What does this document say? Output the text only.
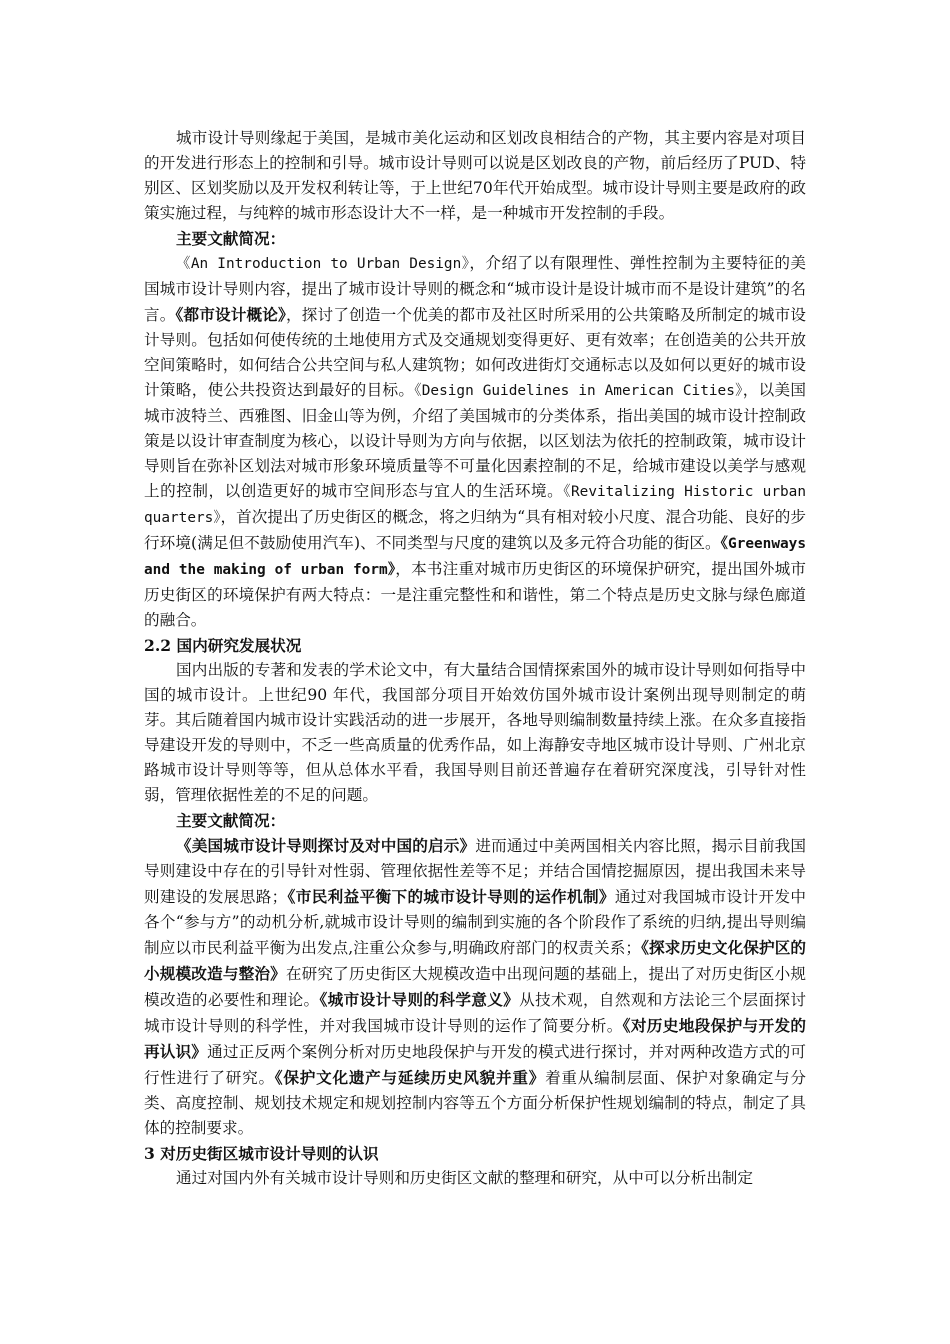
城市设计导则缘起于美国，是城市美化运动和区划改良相结合的产物，其主要内容是对项目的开发进行形态上的控制和引导。城市设计导则可以说是区划改良的产物，前后经历了PUD、特别区、区划奖励以及开发权利转让等，于上世纪70年代开始成型。城市设计导则主要是政府的政策实施过程，与纯粹的城市形态设计大不一样，是一种城市开发控制的手段。

主要文献简况：

《An Introduction to Urban Design》，介绍了以有限理性、弹性控制为主要特征的美国城市设计导则内容，提出了城市设计导则的概念和“城市设计是设计城市而不是设计建筑”的名言。《都市设计概论》，探讨了创造一个优美的都市及社区时所采用的公共策略及所制定的城市设计导则。包括如何使传统的土地使用方式及交通规划变得更好、更有效率；在创造美的公共开放空间策略时，如何结合公共空间与私人建筑物；如何改进街灯交通标志以及如何以更好的城市设计策略，使公共投资达到最好的目标。《Design Guidelines in American Cities》，以美国城市波特兰、西雅图、旧金山等为例，介绍了美国城市的分类体系，指出美国的城市设计控制政策是以设计审查制度为核心，以设计导则为方向与依据，以区划法为依托的控制政策，城市设计导则旨在弥补区划法对城市形象环境质量等不可量化因素控制的不足，给城市建设以美学与感观上的控制，以创造更好的城市空间形态与宜人的生活环境。《Revitalizing Historic urban quarters》，首次提出了历史街区的概念，将之归纳为“具有相对较小尺度、混合功能、良好的步行环境(满足但不鼓励使用汽车)、不同类型与尺度的建筑以及多元符合功能的街区。《Greenways and the making of urban form》，本书注重对城市历史街区的环境保护研究，提出国外城市历史街区的环境保护有两大特点：一是注重完整性和和谐性，第二个特点是历史文脉与绿色廊道的融合。

2.2 国内研究发展状况

国内出版的专著和发表的学术论文中，有大量结合国情探索国外的城市设计导则如何指导中国的城市设计。上世纪90 年代，我国部分项目开始效仿国外城市设计案例出现导则制定的萌芽。其后随着国内城市设计实践活动的进一步展开，各地导则编制数量持续上涨。在众多直接指导建设开发的导则中，不乏一些高质量的优秀作品，如上海静安寺地区城市设计导则、广州北京路城市设计导则等等，但从总体水平看，我国导则目前还普遍存在着研究深度浅，引导针对性弱，管理依据性差的不足的问题。

主要文献简况：

《美国城市设计导则探讨及对中国的启示》进而通过中美两国相关内容比照，揭示目前我国导则建设中存在的引导针对性弱、管理依据性差等不足；并结合国情挖掘原因，提出我国未来导则建设的发展思路；《市民利益平衡下的城市设计导则的运作机制》通过对我国城市设计开发中各个“参与方”的动机分析,就城市设计导则的编制到实施的各个阶段作了系统的归纳,提出导则编制应以市民利益平衡为出发点,注重公众参与,明确政府部门的权责关系；《探求历史文化保护区的小规模改造与整治》在研究了历史街区大规模改造中出现问题的基础上，提出了对历史街区小规模改造的必要性和理论。《城市设计导则的科学意义》从技术观，自然观和方法论三个层面探讨城市设计导则的科学性，并对我国城市设计导则的运作了简要分析。《对历史地段保护与开发的再认识》通过正反两个案例分析对历史地段保护与开发的模式进行探讨，并对两种改造方式的可行性进行了研究。《保护文化遗产与延续历史风貌并重》着重从编制层面、保护对象确定与分类、高度控制、规划技术规定和规划控制内容等五个方面分析保护性规划编制的特点，制定了具体的控制要求。

3 对历史街区城市设计导则的认识

通过对国内外有关城市设计导则和历史街区文献的整理和研究，从中可以分析出制定
